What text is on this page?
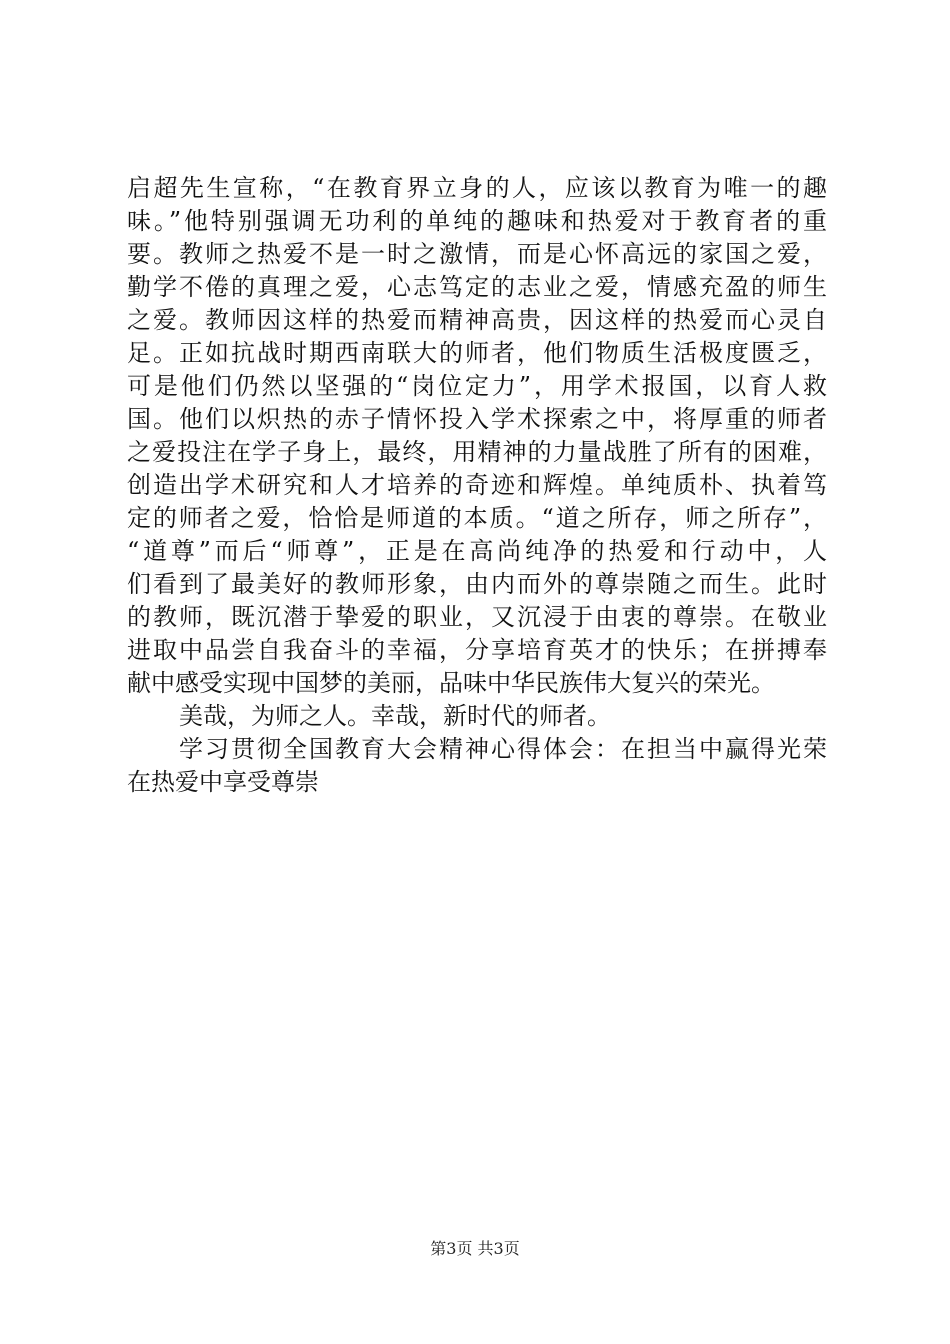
启超先生宣称，“在教育界立身的人，应该以教育为唯一的趣
味。”他特别强调无功利的单纯的趣味和热爱对于教育者的重
要。教师之热爱不是一时之激情，而是心怀高远的家国之爱，
勤学不倦的真理之爱，心志笃定的志业之爱，情感充盈的师生
之爱。教师因这样的热爱而精神高贵，因这样的热爱而心灵自
足。正如抗战时期西南联大的师者，他们物质生活极度匮乏，
可是他们仍然以坚强的“岗位定力”，用学术报国，以育人救
国。他们以炽热的赤子情怀投入学术探索之中，将厚重的师者
之爱投注在学子身上，最终，用精神的力量战胜了所有的困难，
创造出学术研究和人才培养的奇迹和辉煌。单纯质朴、执着笃
定的师者之爱，恰恰是师道的本质。“道之所存，师之所存”，
“道尊”而后“师尊”，正是在高尚纯净的热爱和行动中，人
们看到了最美好的教师形象，由内而外的尊崇随之而生。此时
的教师，既沉潜于挚爱的职业，又沉浸于由衷的尊崇。在敬业
进取中品尝自我奋斗的幸福，分享培育英才的快乐；在拼搏奉
献中感受实现中国梦的美丽，品味中华民族伟大复兴的荣光。
美哉，为师之人。幸哉，新时代的师者。
学习贯彻全国教育大会精神心得体会：在担当中赢得光荣
在热爱中享受尊崇
第3页 共3页
